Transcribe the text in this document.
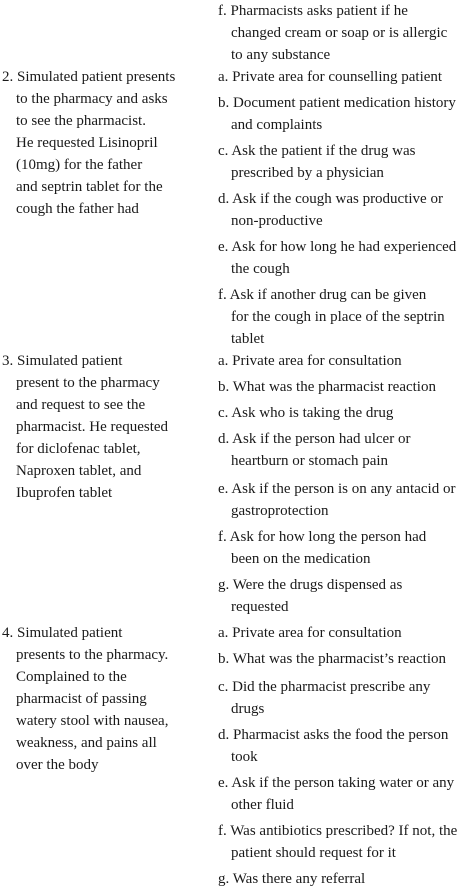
f. Pharmacists asks patient if he
changed cream or soap or is allergic
to any substance
2. Simulated patient presents
to the pharmacy and asks
to see the pharmacist.
He requested Lisinopril
(10mg) for the father
and septrin tablet for the
cough the father had
a. Private area for counselling patient
b. Document patient medication history
and complaints
c. Ask the patient if the drug was
prescribed by a physician
d. Ask if the cough was productive or
non-productive
e. Ask for how long he had experienced
the cough
f. Ask if another drug can be given
for the cough in place of the septrin
tablet
3. Simulated patient
present to the pharmacy
and request to see the
pharmacist. He requested
for diclofenac tablet,
Naproxen tablet, and
Ibuprofen tablet
a. Private area for consultation
b. What was the pharmacist reaction
c. Ask who is taking the drug
d. Ask if the person had ulcer or
heartburn or stomach pain
e. Ask if the person is on any antacid or
gastroprotection
f. Ask for how long the person had
been on the medication
g. Were the drugs dispensed as
requested
4. Simulated patient
presents to the pharmacy.
Complained to the
pharmacist of passing
watery stool with nausea,
weakness, and pains all
over the body
a. Private area for consultation
b. What was the pharmacist’s reaction
c. Did the pharmacist prescribe any
drugs
d. Pharmacist asks the food the person
took
e. Ask if the person taking water or any
other fluid
f. Was antibiotics prescribed? If not, the
patient should request for it
g. Was there any referral
